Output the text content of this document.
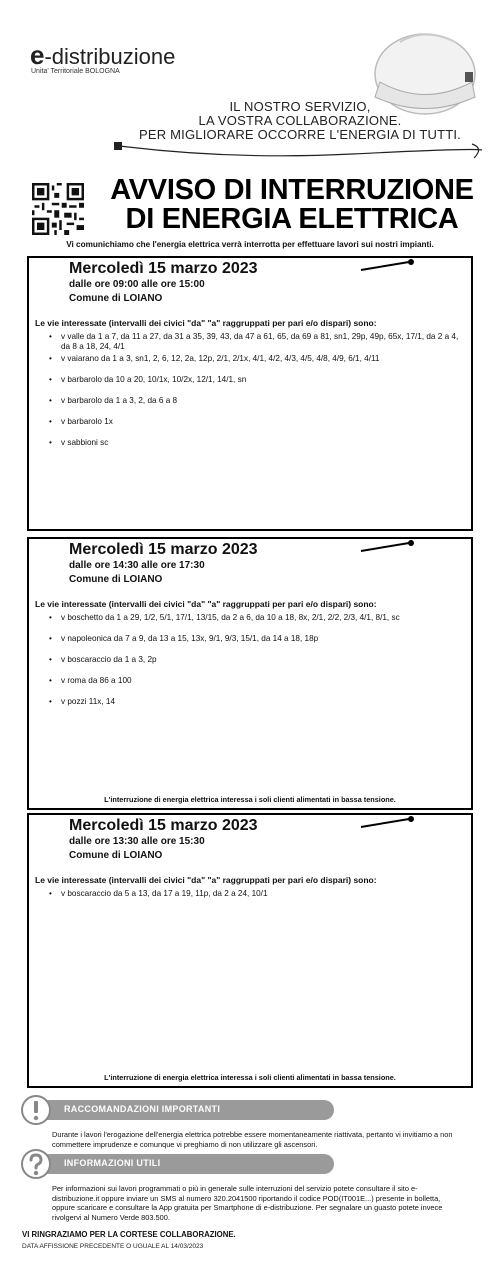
e-distribuzione
Unita' Territoriale BOLOGNA
IL NOSTRO SERVIZIO,
LA VOSTRA COLLABORAZIONE.
PER MIGLIORARE OCCORRE L'ENERGIA DI TUTTI.
AVVISO DI INTERRUZIONE
DI ENERGIA ELETTRICA
Vi comunichiamo che l'energia elettrica verrà interrotta per effettuare lavori sui nostri impianti.
Mercoledì 15 marzo 2023
dalle ore 09:00 alle ore 15:00
Comune di LOIANO
Le vie interessate (intervalli dei civici "da" "a" raggruppati per pari e/o dispari) sono:
• v valle da 1 a 7, da 11 a 27, da 31 a 35, 39, 43, da 47 a 61, 65, da 69 a 81, sn1, 29p, 49p, 65x, 17/1, da 2 a 4, da 8 a 18, 24, 4/1
• v vaiarano da 1 a 3, sn1, 2, 6, 12, 2a, 12p, 2/1, 2/1x, 4/1, 4/2, 4/3, 4/5, 4/8, 4/9, 6/1, 4/11
• v barbarolo da 10 a 20, 10/1x, 10/2x, 12/1, 14/1, sn
• v barbarolo da 1 a 3, 2, da 6 a 8
• v barbarolo 1x
• v sabbioni sc
Mercoledì 15 marzo 2023
dalle ore 14:30 alle ore 17:30
Comune di LOIANO
Le vie interessate (intervalli dei civici "da" "a" raggruppati per pari e/o dispari) sono:
• v boschetto da 1 a 29, 1/2, 5/1, 17/1, 13/15, da 2 a 6, da 10 a 18, 8x, 2/1, 2/2, 2/3, 4/1, 8/1, sc
• v napoleonica da 7 a 9, da 13 a 15, 13x, 9/1, 9/3, 15/1, da 14 a 18, 18p
• v boscaraccio da 1 a 3, 2p
• v roma da 86 a 100
• v pozzi 11x, 14
L'interruzione di energia elettrica interessa i soli clienti alimentati in bassa tensione.
Mercoledì 15 marzo 2023
dalle ore 13:30 alle ore 15:30
Comune di LOIANO
Le vie interessate (intervalli dei civici "da" "a" raggruppati per pari e/o dispari) sono:
• v boscaraccio da 5 a 13, da 17 a 19, 11p, da 2 a 24, 10/1
L'interruzione di energia elettrica interessa i soli clienti alimentati in bassa tensione.
RACCOMANDAZIONI IMPORTANTI
Durante i lavori l'erogazione dell'energia elettrica potrebbe essere momentaneamente riattivata, pertanto vi invitiamo a non commettere imprudenze e comunque vi preghiamo di non utilizzare gli ascensori.
INFORMAZIONI UTILI
Per informazioni sui lavori programmati o più in generale sulle interruzioni del servizio potete consultare il sito e-distribuzione.it oppure inviare un SMS al numero 320.2041500 riportando il codice POD(IT001E...) presente in bolletta, oppure scaricare e consultare la App gratuita per Smartphone di e-distribuzione. Per segnalare un guasto potete invece rivolgervi al Numero Verde 803.500.
VI RINGRAZIAMO PER LA CORTESE COLLABORAZIONE.
DATA AFFISSIONE PRECEDENTE O UGUALE AL 14/03/2023
